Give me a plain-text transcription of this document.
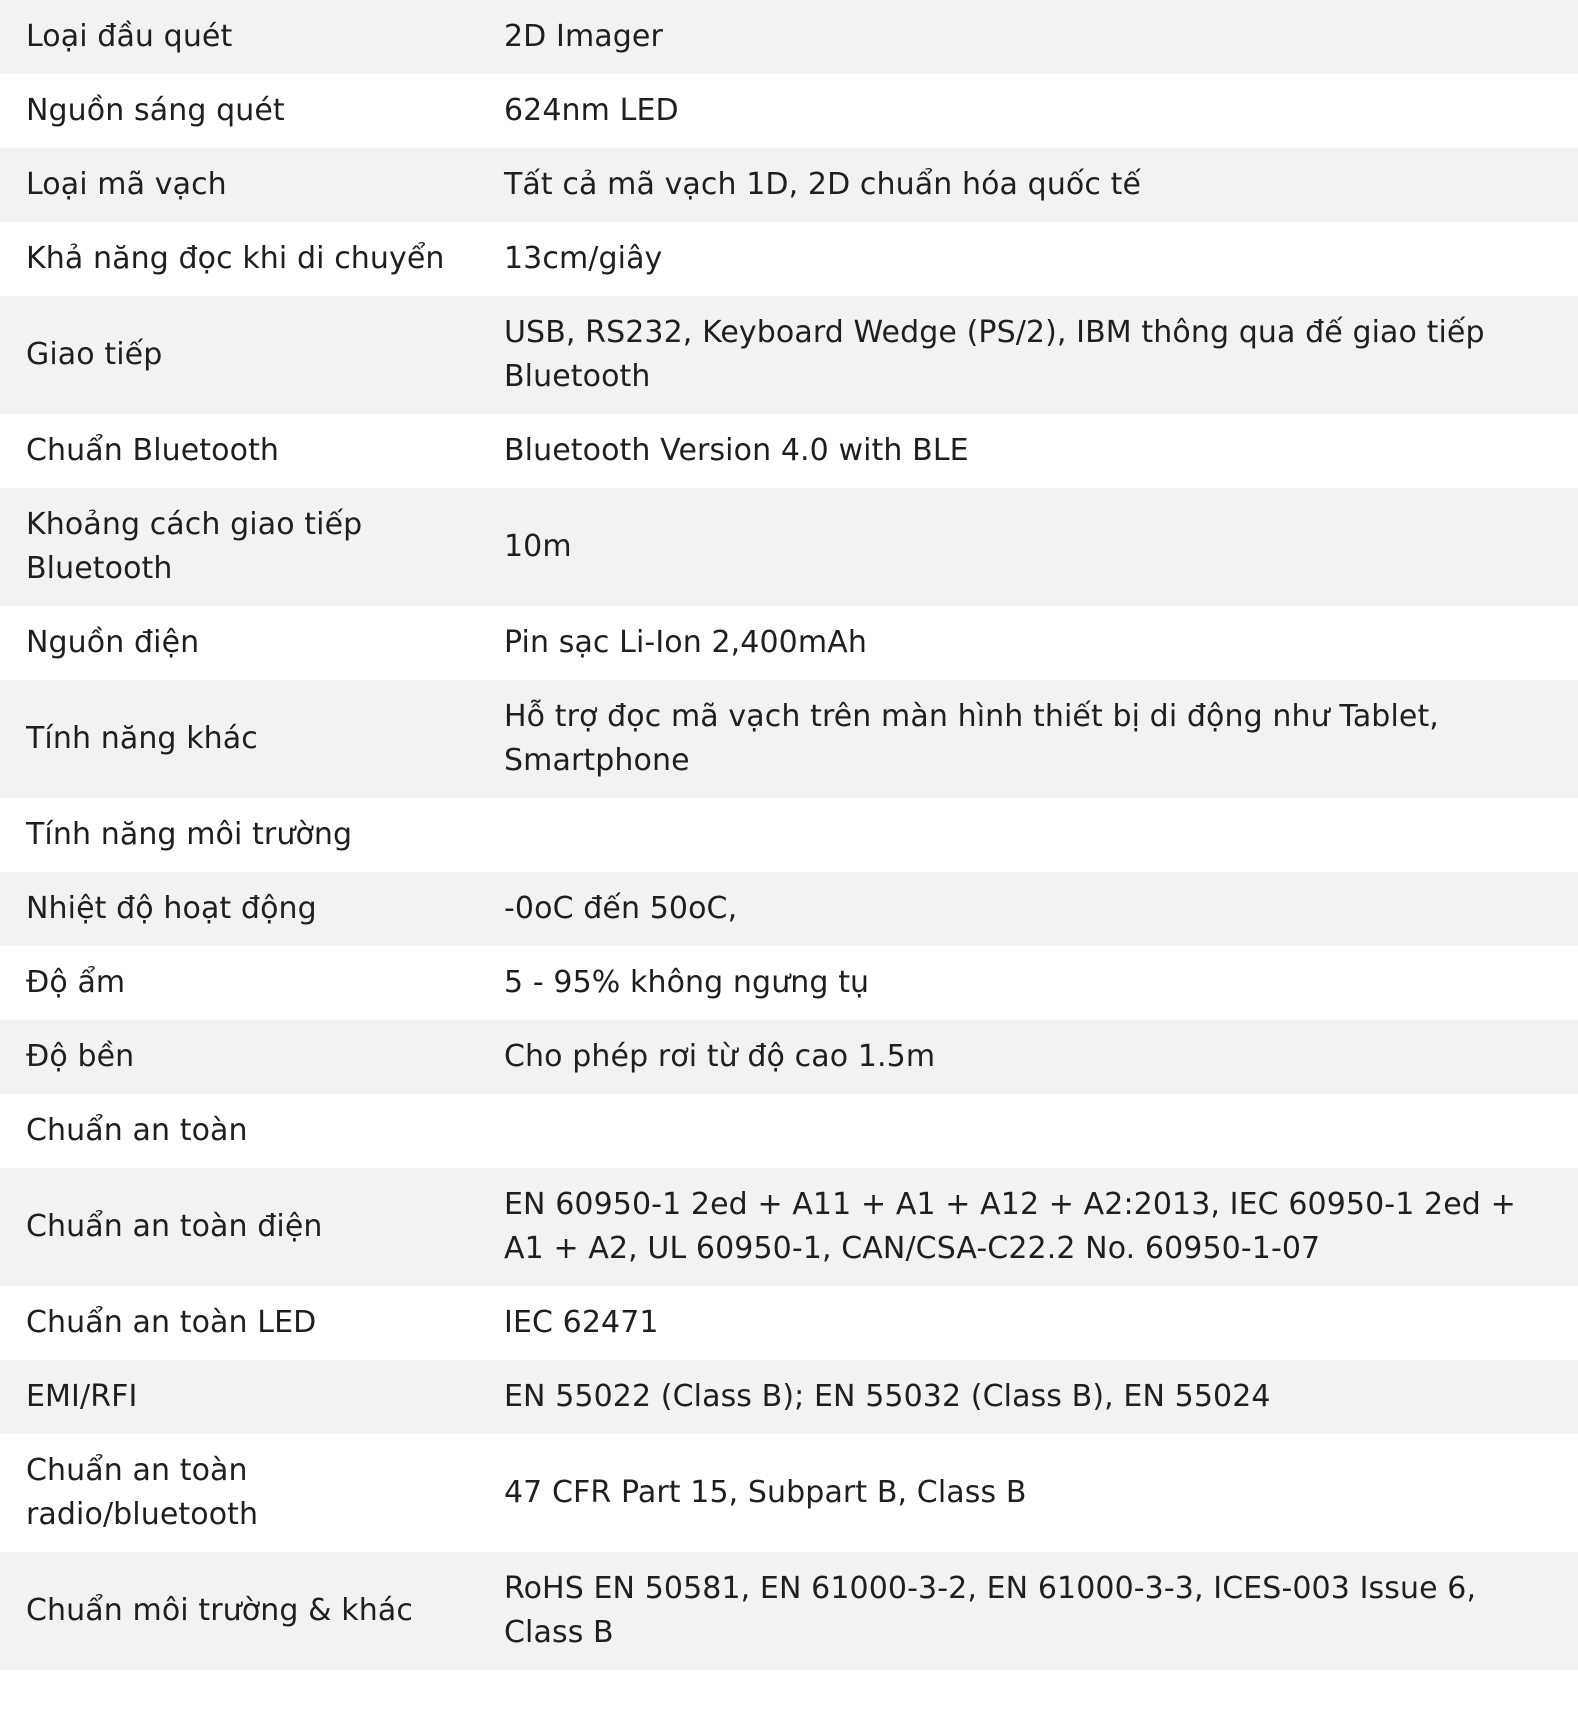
Loại đầu quét	2D Imager
Nguồn sáng quét	624nm LED
Loại mã vạch	Tất cả mã vạch 1D, 2D chuẩn hóa quốc tế
Khả năng đọc khi di chuyển	13cm/giây
Giao tiếp	USB, RS232, Keyboard Wedge (PS/2), IBM thông qua đế giao tiếp Bluetooth
Chuẩn Bluetooth	Bluetooth Version 4.0 with BLE
Khoảng cách giao tiếp Bluetooth	10m
Nguồn điện	Pin sạc Li-Ion 2,400mAh
Tính năng khác	Hỗ trợ đọc mã vạch trên màn hình thiết bị di động như Tablet, Smartphone
Tính năng môi trường	
Nhiệt độ hoạt động	-0oC đến 50oC,
Độ ẩm	5 - 95% không ngưng tụ
Độ bền	Cho phép rơi từ độ cao 1.5m
Chuẩn an toàn	
Chuẩn an toàn điện	EN 60950-1 2ed + A11 + A1 + A12 + A2:2013, IEC 60950-1 2ed + A1 + A2, UL 60950-1, CAN/CSA-C22.2 No. 60950-1-07
Chuẩn an toàn LED	IEC 62471
EMI/RFI	EN 55022 (Class B); EN 55032 (Class B), EN 55024
Chuẩn an toàn radio/bluetooth	47 CFR Part 15, Subpart B, Class B
Chuẩn môi trường & khác	RoHS EN 50581, EN 61000-3-2, EN 61000-3-3, ICES-003 Issue 6, Class B
